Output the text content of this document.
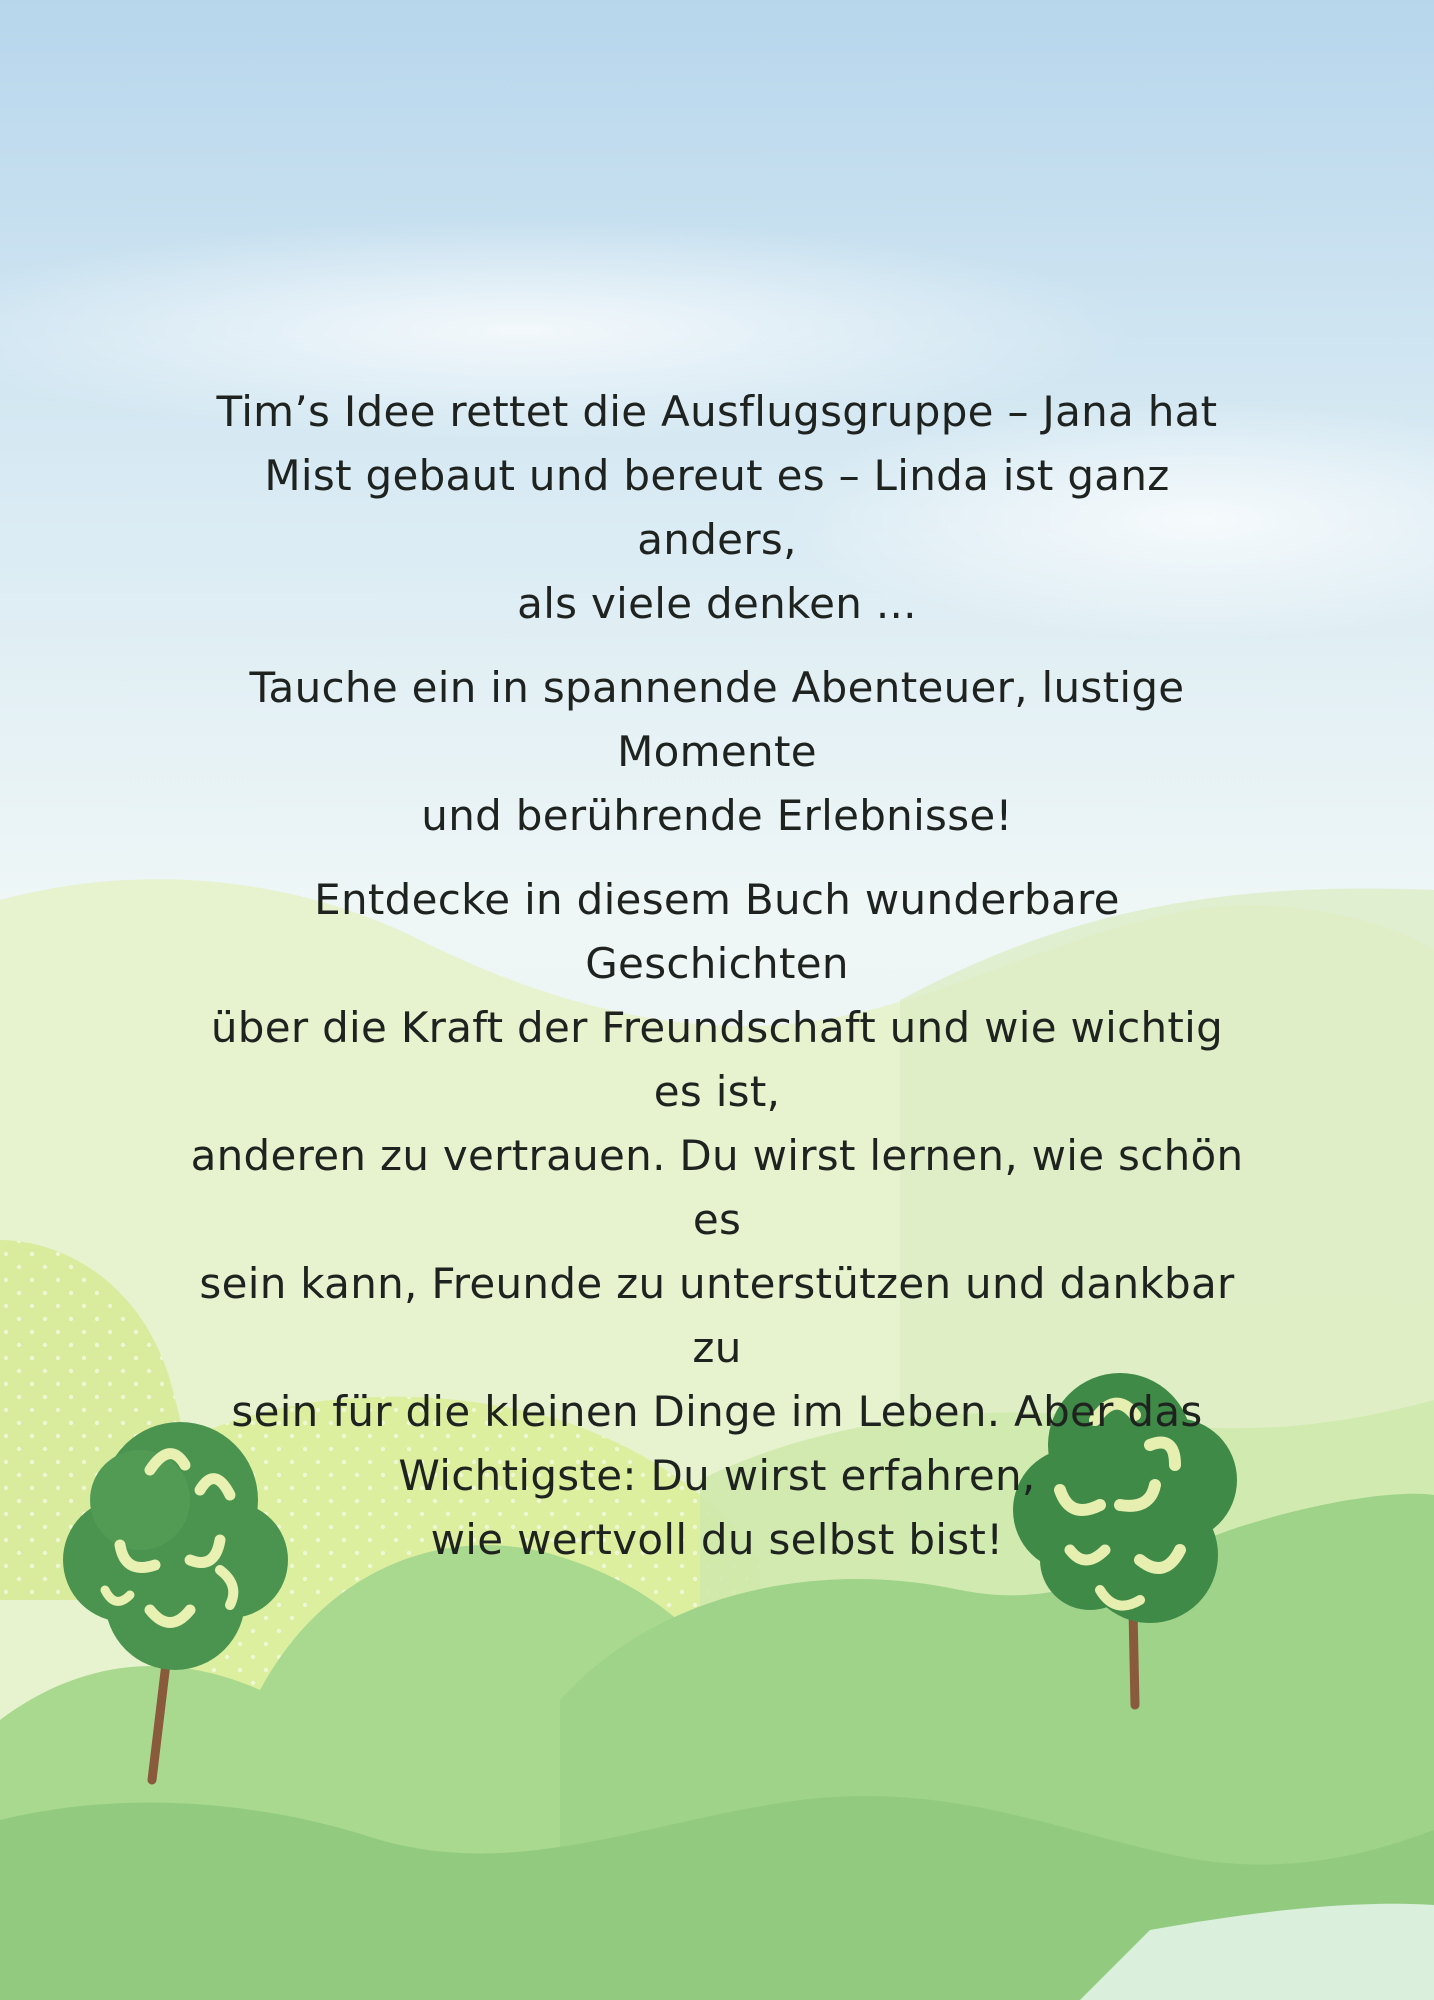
Tim’s Idee rettet die Ausflugsgruppe – Jana hat
Mist gebaut und bereut es – Linda ist ganz anders,
als viele denken ...

Tauche ein in spannende Abenteuer, lustige Momente
und berührende Erlebnisse!

Entdecke in diesem Buch wunderbare Geschichten
über die Kraft der Freundschaft und wie wichtig es ist,
anderen zu vertrauen. Du wirst lernen, wie schön es
sein kann, Freunde zu unterstützen und dankbar zu
sein für die kleinen Dinge im Leben. Aber das
Wichtigste: Du wirst erfahren,
wie wertvoll du selbst bist!
